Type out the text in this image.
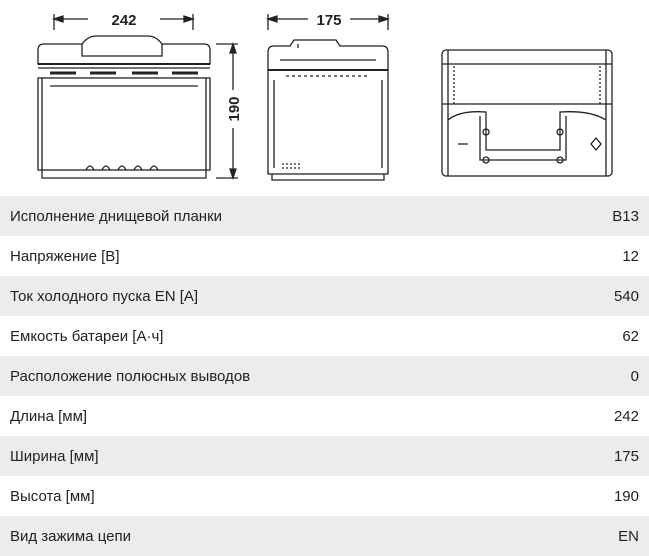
242	175
190
Исполнение днищевой планки	B13
Напряжение [В]	12
Ток холодного пуска EN [А]	540
Емкость батареи [А·ч]	62
Расположение полюсных выводов	0
Длина [мм]	242
Ширина [мм]	175
Высота [мм]	190
Вид зажима цепи	EN
